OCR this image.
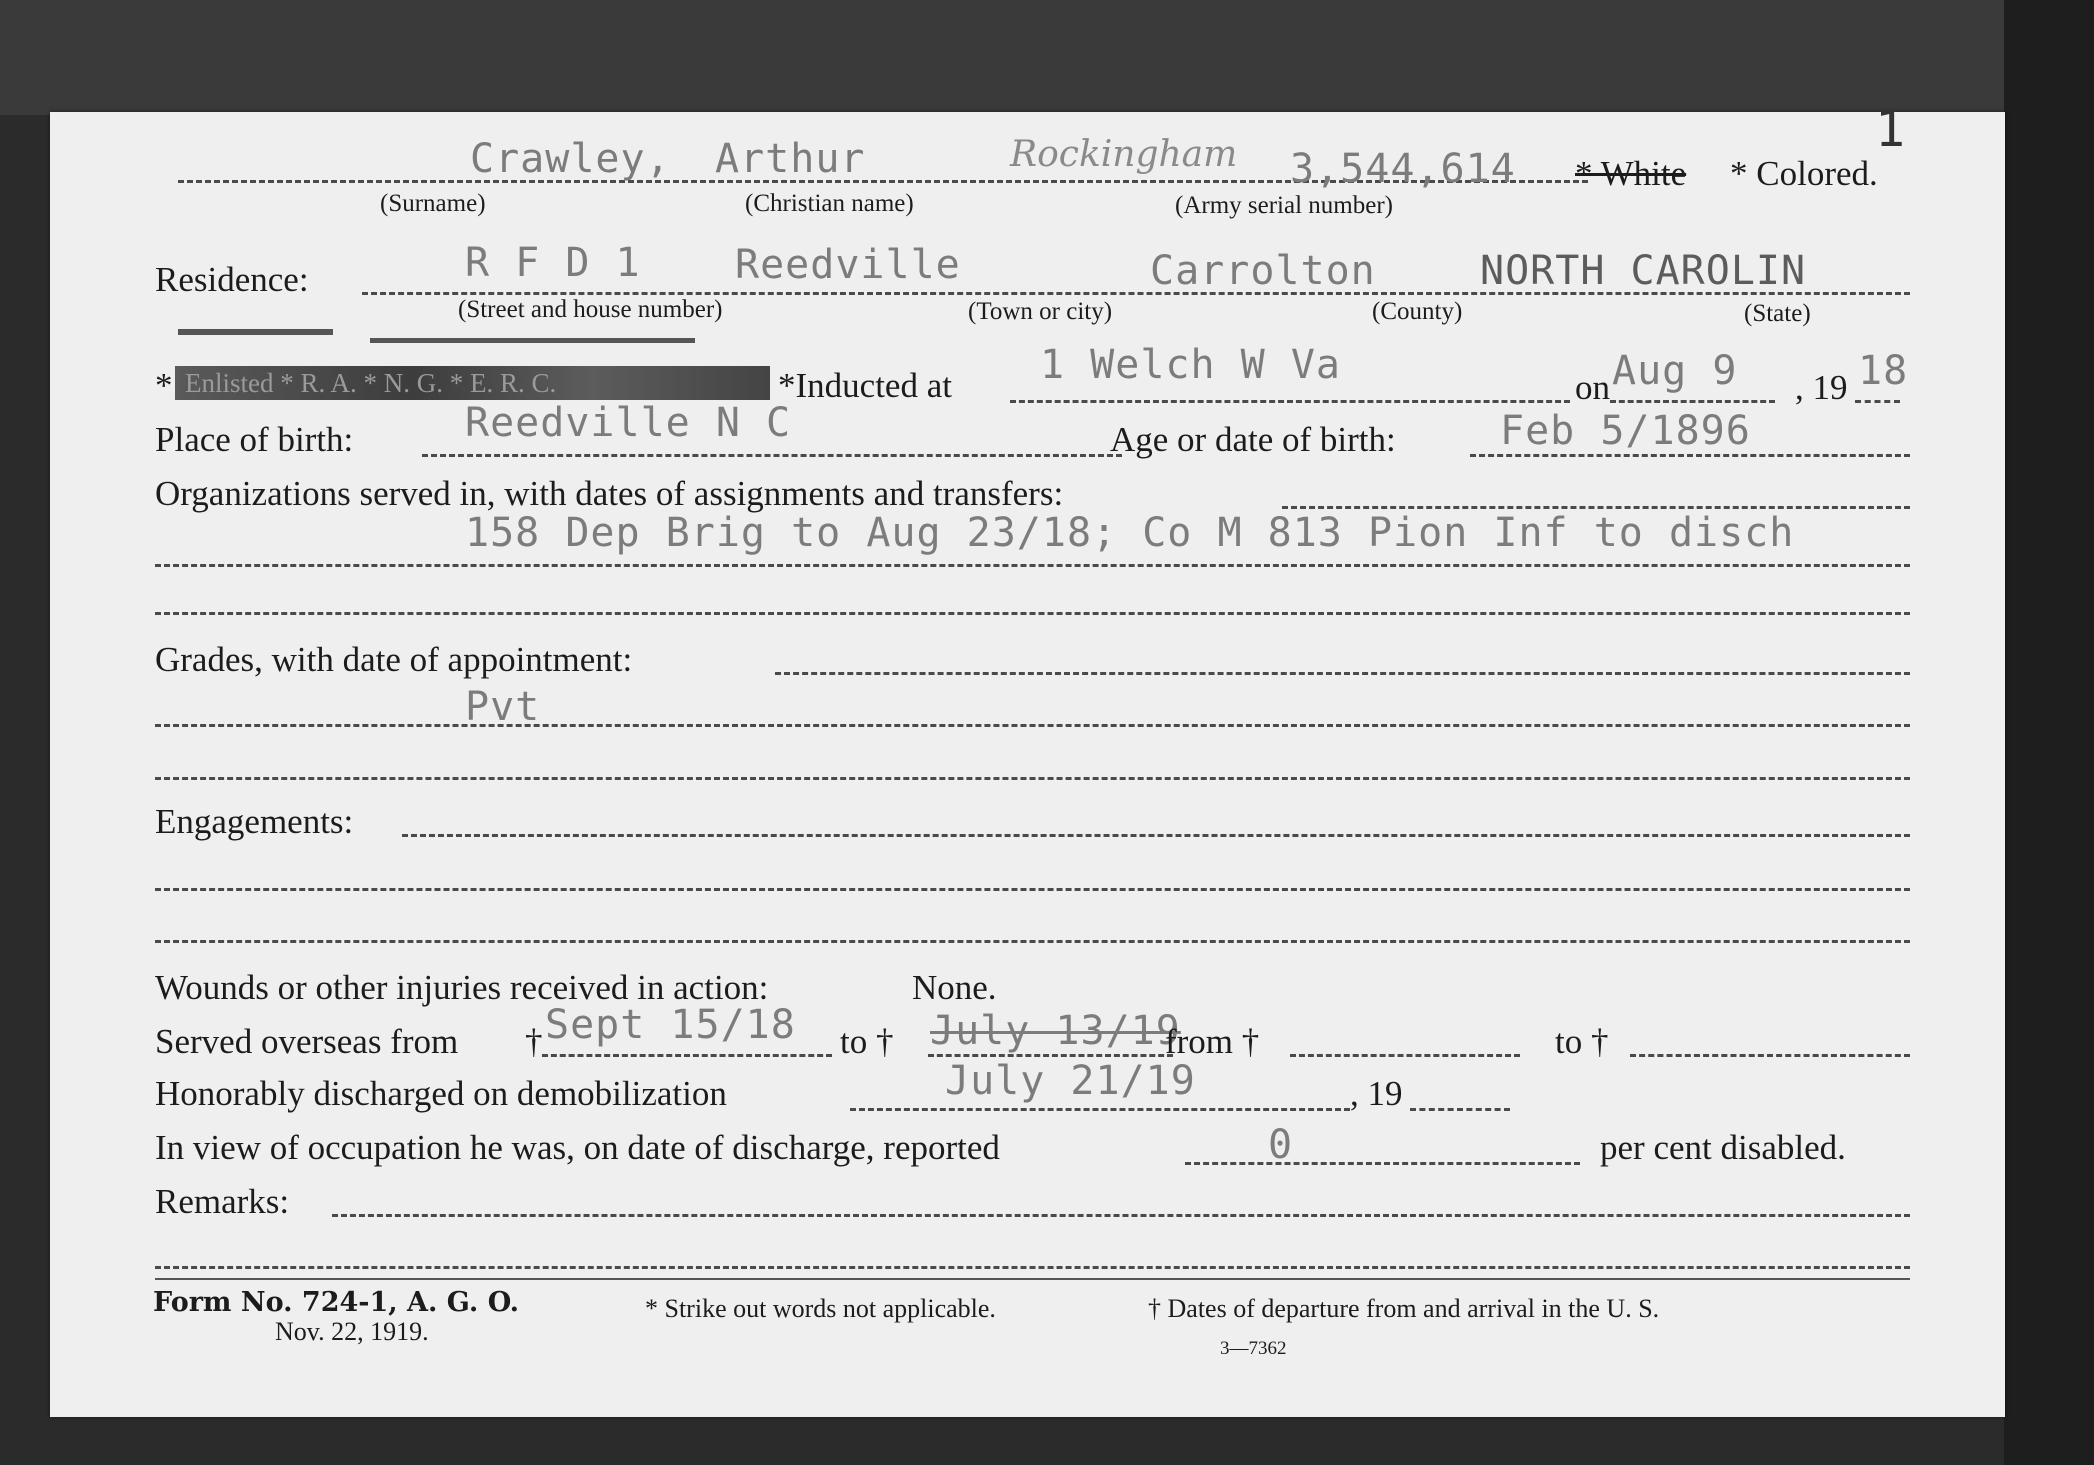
1
Crawley, Arthur	Rockingham 3,544,614 * White * Colored.
(Surname)	(Christian name)	(Army serial number)
Residence:	R F D 1 Reedville	Carrolton	NORTH CAROLIN
(Street and house number)	(Town or city)	(County)	(State)
* Enlisted * R. A. * N. G. * E. R. C.	*Inducted at 1 Welch W Va	on Aug 9 , 19 18
Place of birth:	Reedville N C	Age or date of birth:	Feb 5/1896
Organizations served in, with dates of assignments and transfers:
158 Dep Brig to Aug 23/18; Co M 813 Pion Inf to disch
Grades, with date of appointment:
Pvt
Engagements:
Wounds or other injuries received in action:	None.
Served overseas from † Sept 15/18 to † July 13/19
from †	to †
Honorably discharged on demobilization	July 21/19	, 19
In view of occupation he was, on date of discharge, reported	0	per cent disabled.
Remarks:
Form No. 724-1, A. G. O.
Nov. 22, 1919.
* Strike out words not applicable.	† Dates of departure from and arrival in the U. S.
3—7362
